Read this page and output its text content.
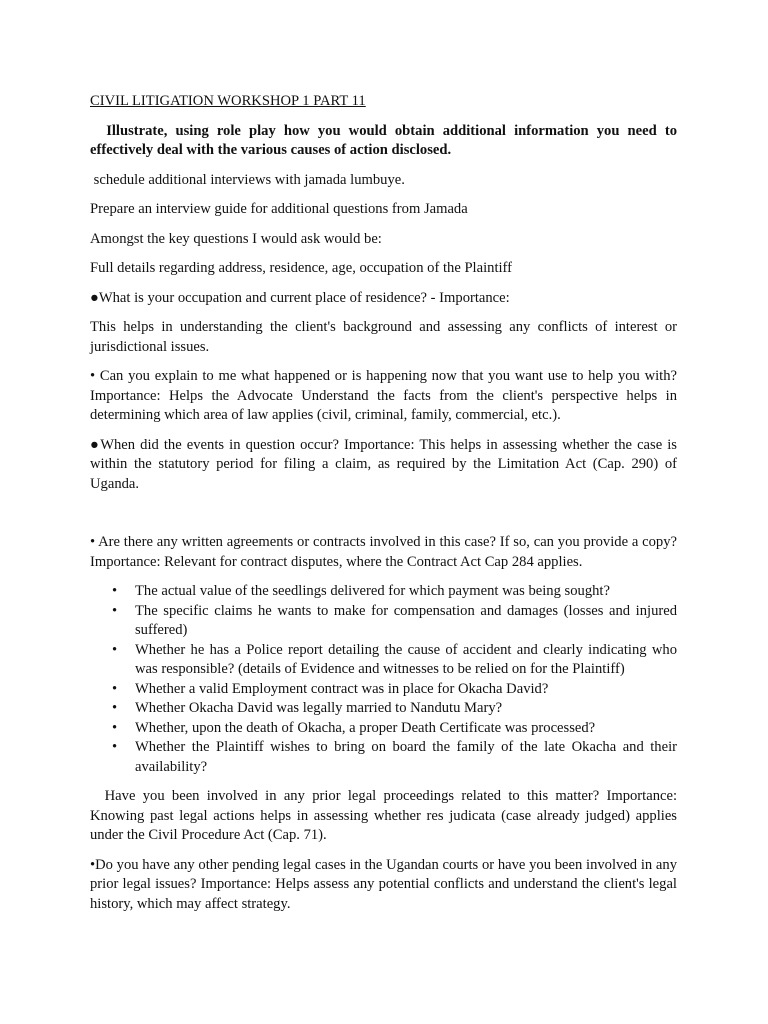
CIVIL LITIGATION WORKSHOP 1 PART 11

Illustrate, using role play how you would obtain additional information you need to effectively deal with the various causes of action disclosed.

schedule additional interviews with jamada lumbuye.

Prepare an interview guide for additional questions from Jamada

Amongst the key questions I would ask would be:

Full details regarding address, residence, age, occupation of the Plaintiff

●What is your occupation and current place of residence? - Importance:

This helps in understanding the client's background and assessing any conflicts of interest or jurisdictional issues.

• Can you explain to me what happened or is happening now that you want use to help you with? Importance: Helps the Advocate Understand the facts from the client's perspective helps in determining which area of law applies (civil, criminal, family, commercial, etc.).

●When did the events in question occur? Importance: This helps in assessing whether the case is within the statutory period for filing a claim, as required by the Limitation Act (Cap. 290) of Uganda.

• Are there any written agreements or contracts involved in this case? If so, can you provide a copy? Importance: Relevant for contract disputes, where the Contract Act Cap 284 applies.

• The actual value of the seedlings delivered for which payment was being sought?
• The specific claims he wants to make for compensation and damages (losses and injured suffered)
• Whether he has a Police report detailing the cause of accident and clearly indicating who was responsible? (details of Evidence and witnesses to be relied on for the Plaintiff)
• Whether a valid Employment contract was in place for Okacha David?
• Whether Okacha David was legally married to Nandutu Mary?
• Whether, upon the death of Okacha, a proper Death Certificate was processed?
• Whether the Plaintiff wishes to bring on board the family of the late Okacha and their availability?

Have you been involved in any prior legal proceedings related to this matter? Importance: Knowing past legal actions helps in assessing whether res judicata (case already judged) applies under the Civil Procedure Act (Cap. 71).

•Do you have any other pending legal cases in the Ugandan courts or have you been involved in any prior legal issues? Importance: Helps assess any potential conflicts and understand the client's legal history, which may affect strategy.
